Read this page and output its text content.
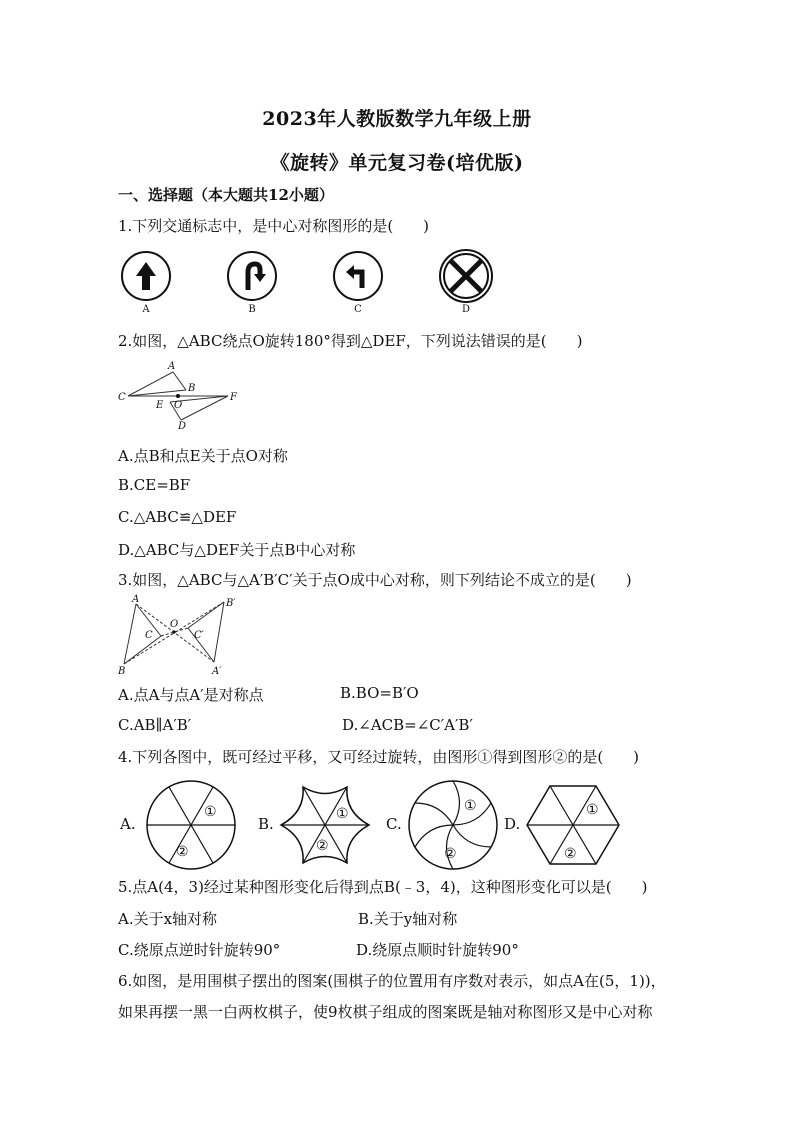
2023年人教版数学九年级上册
《旋转》单元复习卷(培优版)
一、选择题（本大题共12小题）
1.下列交通标志中，是中心对称图形的是(　　)
A	B	C	D
2.如图，△ABC绕点O旋转180°得到△DEF，下列说法错误的是(　　)
C
A
B
F
E O
D
A.点B和点E关于点O对称
B.CE=BF
C.△ABC≌△DEF
D.△ABC与△DEF关于点B中心对称
3.如图，△ABC与△A′B′C′关于点O成中心对称，则下列结论不成立的是(　　)
A
B
C
O
B′
C′
A′
A.点A与点A′是对称点	B.BO=B′O
C.AB∥A′B′	D.∠ACB=∠C′A′B′
4.下列各图中，既可经过平移，又可经过旋转，由图形①得到图形②的是(　　)
A.
①
②
B.
①
②
C.
①
②
D.
①
②
5.点A(4，3)经过某种图形变化后得到点B(﹣3，4)，这种图形变化可以是(　　)
A.关于x轴对称	B.关于y轴对称
C.绕原点逆时针旋转90°	D.绕原点顺时针旋转90°
6.如图，是用围棋子摆出的图案(围棋子的位置用有序数对表示，如点A在(5，1))，
如果再摆一黑一白两枚棋子，使9枚棋子组成的图案既是轴对称图形又是中心对称
